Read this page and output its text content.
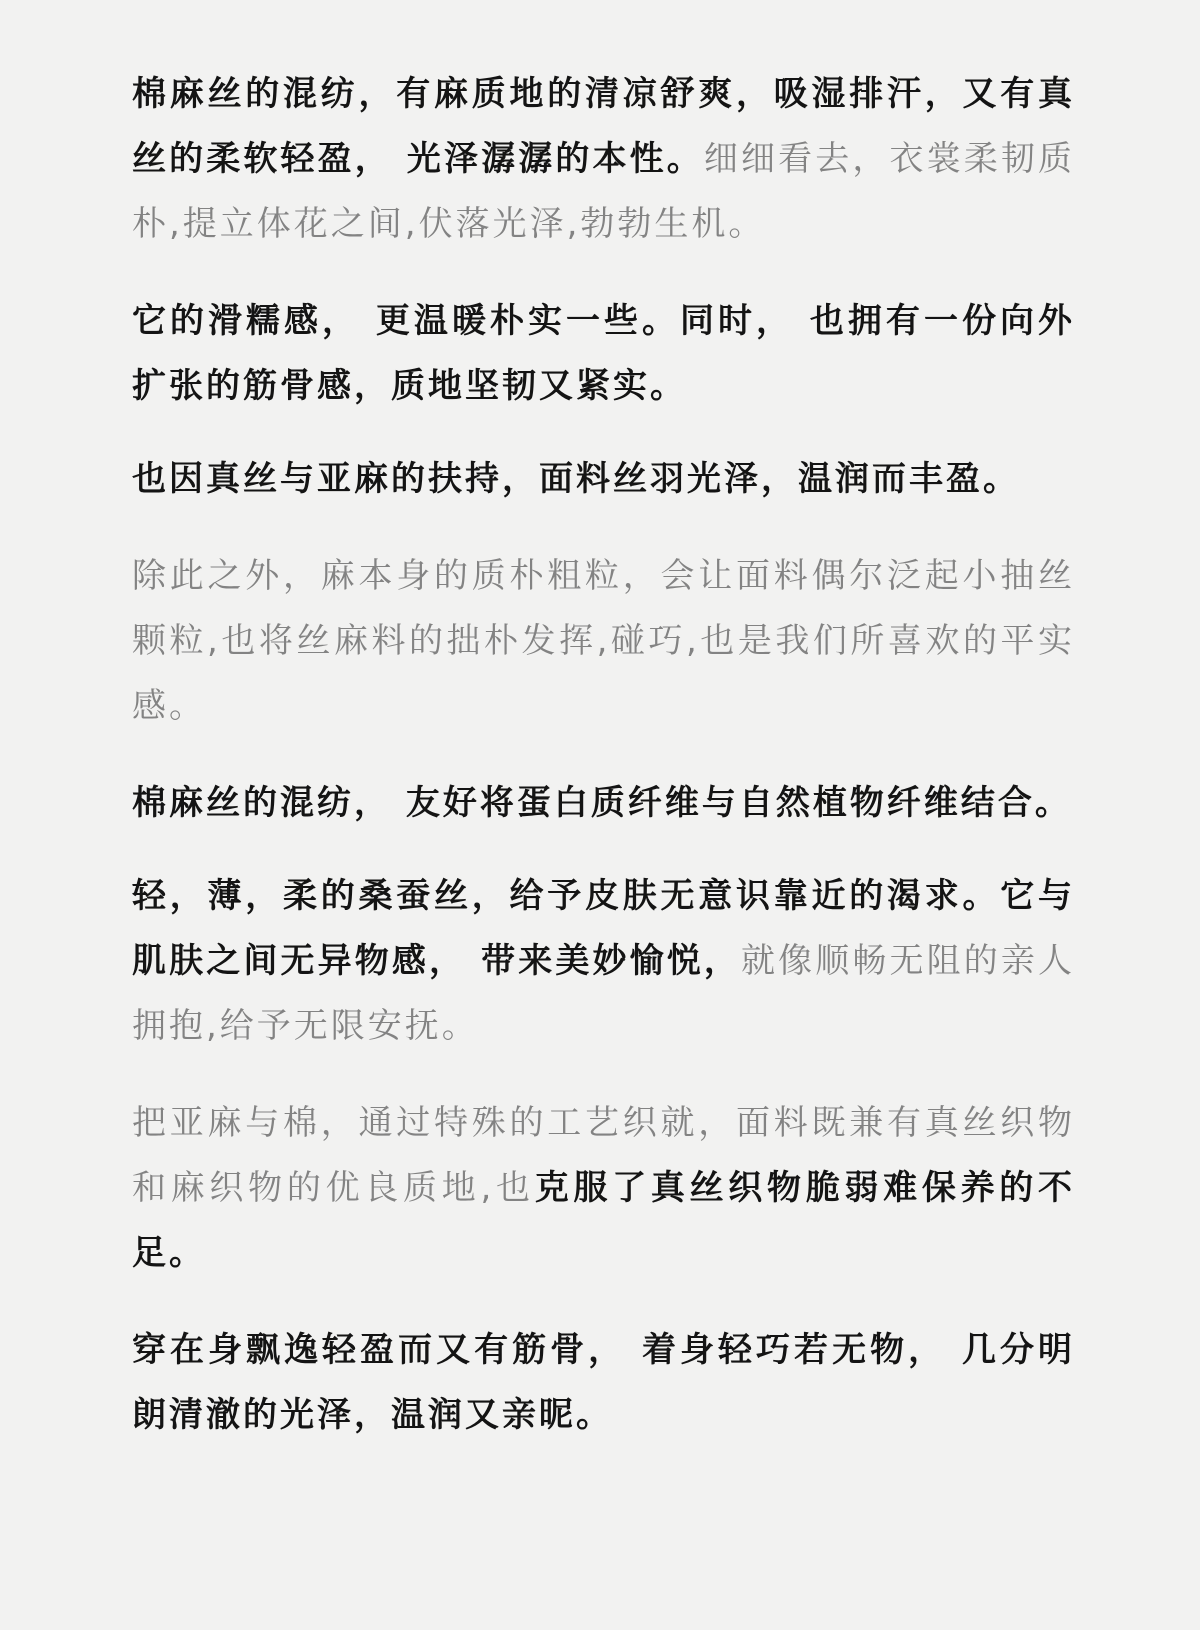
棉麻丝的混纺，有麻质地的清凉舒爽，吸湿排汗，又有真丝的柔软轻盈， 光泽潺潺的本性。细细看去，衣裳柔韧质朴,提立体花之间,伏落光泽,勃勃生机。

它的滑糯感， 更温暖朴实一些。同时， 也拥有一份向外扩张的筋骨感，质地坚韧又紧实。

也因真丝与亚麻的扶持，面料丝羽光泽，温润而丰盈。

除此之外，麻本身的质朴粗粒，会让面料偶尔泛起小抽丝颗粒,也将丝麻料的拙朴发挥,碰巧,也是我们所喜欢的平实感。

棉麻丝的混纺， 友好将蛋白质纤维与自然植物纤维结合。

轻，薄，柔的桑蚕丝，给予皮肤无意识靠近的渴求。它与肌肤之间无异物感， 带来美妙愉悦，就像顺畅无阻的亲人拥抱,给予无限安抚。

把亚麻与棉，通过特殊的工艺织就，面料既兼有真丝织物和麻织物的优良质地,也克服了真丝织物脆弱难保养的不足。

穿在身飘逸轻盈而又有筋骨， 着身轻巧若无物， 几分明朗清澈的光泽，温润又亲昵。
